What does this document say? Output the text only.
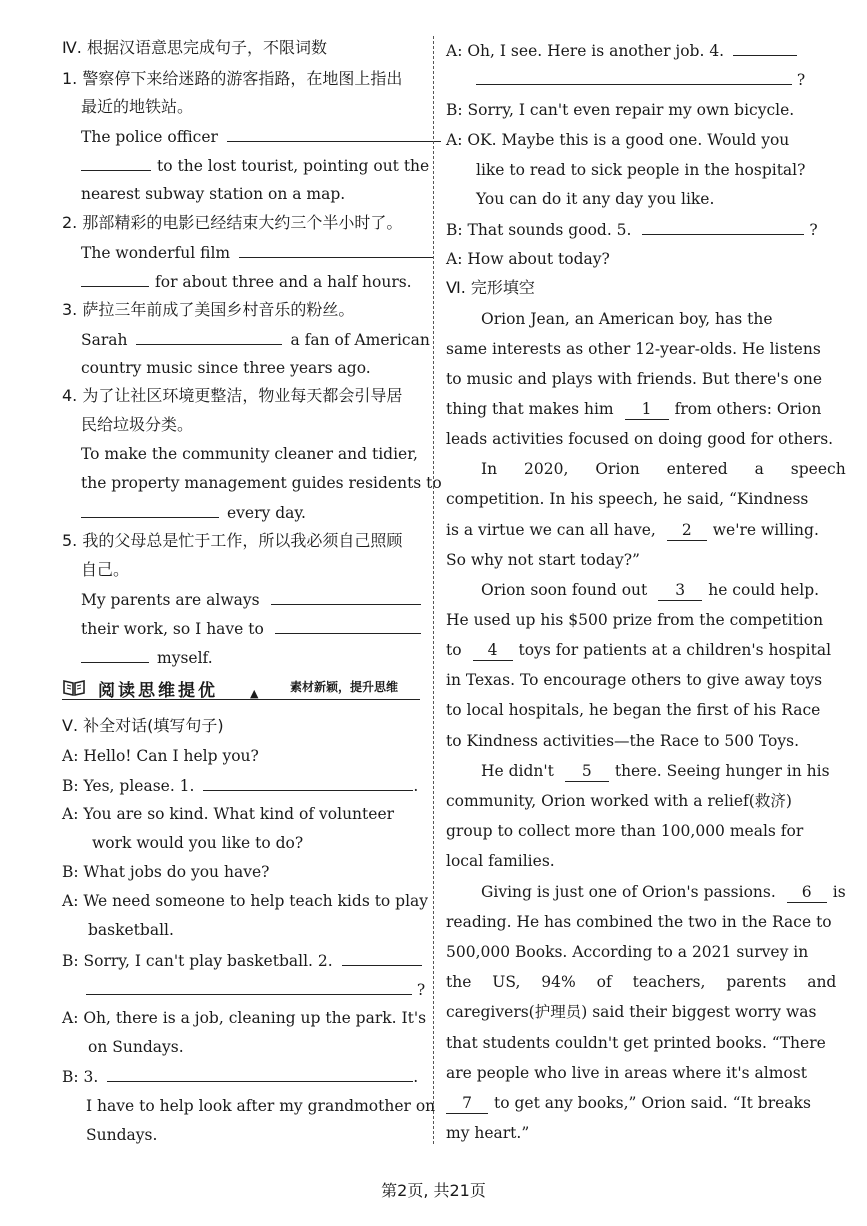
Ⅳ. 根据汉语意思完成句子，不限词数
1. 警察停下来给迷路的游客指路，在地图上指出
最近的地铁站。
The police officer
to the lost tourist, pointing out the
nearest subway station on a map.
2. 那部精彩的电影已经结束大约三个半小时了。
The wonderful film
for about three and a half hours.
3. 萨拉三年前成了美国乡村音乐的粉丝。
Sarah	a fan of American
country music since three years ago.
4. 为了让社区环境更整洁，物业每天都会引导居
民给垃圾分类。
To make the community cleaner and tidier,
the property management guides residents to
every day.
5. 我的父母总是忙于工作，所以我必须自己照顾
自己。
My parents are always
their work, so I have to
myself.
阅读思维提优	▲	素材新颖，提升思维
Ⅴ. 补全对话(填写句子)
A: Hello! Can I help you?
B: Yes, please. 1.	.
A: You are so kind. What kind of volunteer
work would you like to do?
B: What jobs do you have?
A: We need someone to help teach kids to play
basketball.
B: Sorry, I can't play basketball. 2.
?
A: Oh, there is a job, cleaning up the park. It's
on Sundays.
B: 3.	.
I have to help look after my grandmother on
Sundays.
A: Oh, I see. Here is another job. 4.
?
B: Sorry, I can't even repair my own bicycle.
A: OK. Maybe this is a good one. Would you
like to read to sick people in the hospital?
You can do it any day you like.
B: That sounds good. 5.	?
A: How about today?
Ⅵ. 完形填空
Orion Jean, an American boy, has the
same interests as other 12-year-olds. He listens
to music and plays with friends. But there's one
thing that makes him 1 from others: Orion
leads activities focused on doing good for others.
In 2020, Orion entered a speech
competition. In his speech, he said, “Kindness
is a virtue we can all have, 2 we're willing.
So why not start today?”
Orion soon found out 3 he could help.
He used up his $500 prize from the competition
to 4 toys for patients at a children's hospital
in Texas. To encourage others to give away toys
to local hospitals, he began the first of his Race
to Kindness activities—the Race to 500 Toys.
He didn't 5 there. Seeing hunger in his
community, Orion worked with a relief(救济)
group to collect more than 100,000 meals for
local families.
Giving is just one of Orion's passions. 6 is
reading. He has combined the two in the Race to
500,000 Books. According to a 2021 survey in
the US, 94% of teachers, parents and
caregivers(护理员) said their biggest worry was
that students couldn't get printed books. “There
are people who live in areas where it's almost
7 to get any books,” Orion said. “It breaks
my heart.”
第2页, 共21页
